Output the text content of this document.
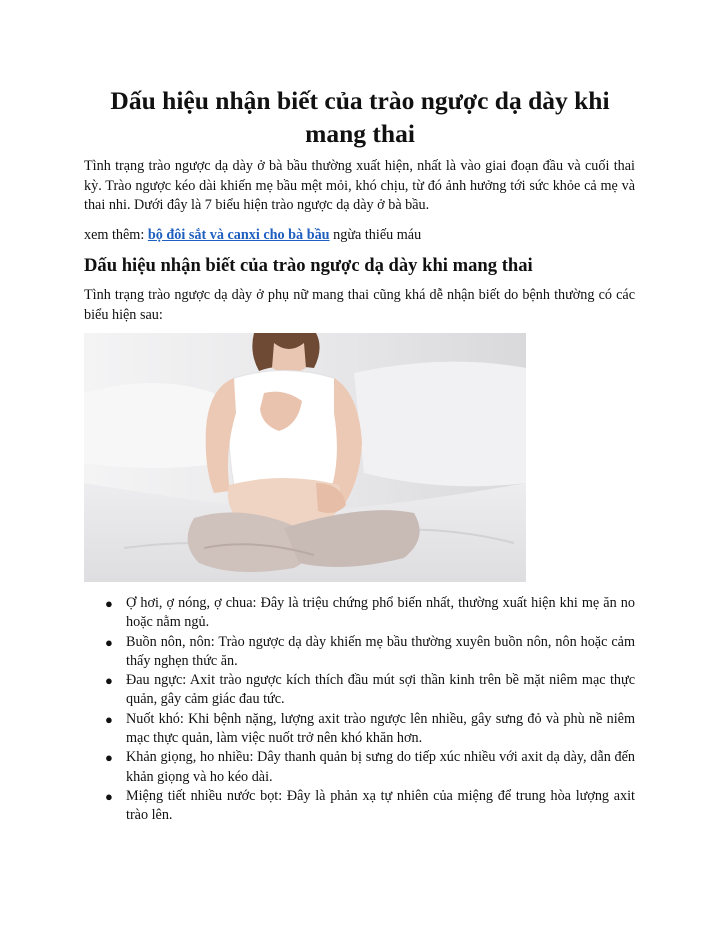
Dấu hiệu nhận biết của trào ngược dạ dày khi mang thai

Tình trạng trào ngược dạ dày ở bà bầu thường xuất hiện, nhất là vào giai đoạn đầu và cuối thai kỳ. Trào ngược kéo dài khiến mẹ bầu mệt mỏi, khó chịu, từ đó ảnh hưởng tới sức khỏe cả mẹ và thai nhi. Dưới đây là 7 biểu hiện trào ngược dạ dày ở bà bầu.

xem thêm: bộ đôi sắt và canxi cho bà bầu ngừa thiếu máu

Dấu hiệu nhận biết của trào ngược dạ dày khi mang thai

Tình trạng trào ngược dạ dày ở phụ nữ mang thai cũng khá dễ nhận biết do bệnh thường có các biểu hiện sau:

● Ợ hơi, ợ nóng, ợ chua: Đây là triệu chứng phổ biến nhất, thường xuất hiện khi mẹ ăn no hoặc nằm ngủ.
● Buồn nôn, nôn: Trào ngược dạ dày khiến mẹ bầu thường xuyên buồn nôn, nôn hoặc cảm thấy nghẹn thức ăn.
● Đau ngực: Axit trào ngược kích thích đầu mút sợi thần kinh trên bề mặt niêm mạc thực quản, gây cảm giác đau tức.
● Nuốt khó: Khi bệnh nặng, lượng axit trào ngược lên nhiều, gây sưng đỏ và phù nề niêm mạc thực quản, làm việc nuốt trở nên khó khăn hơn.
● Khản giọng, ho nhiều: Dây thanh quản bị sưng do tiếp xúc nhiều với axit dạ dày, dẫn đến khản giọng và ho kéo dài.
● Miệng tiết nhiều nước bọt: Đây là phản xạ tự nhiên của miệng để trung hòa lượng axit trào lên.
